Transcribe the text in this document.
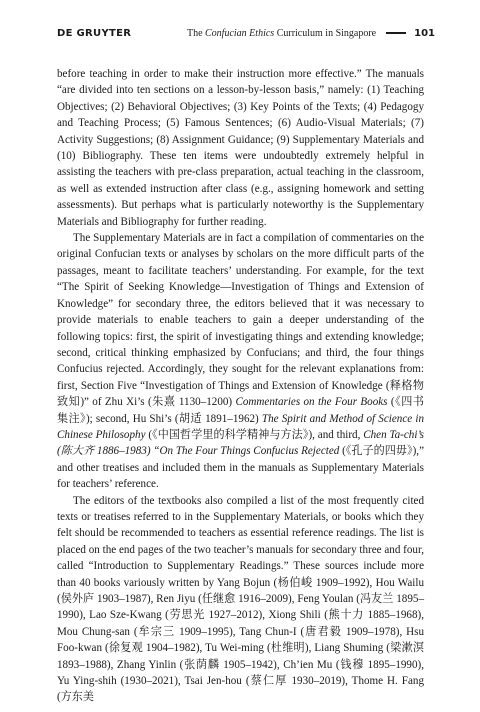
DE GRUYTER	The Confucian Ethics Curriculum in Singapore	101

before teaching in order to make their instruction more effective.” The manuals “are divided into ten sections on a lesson-by-lesson basis,” namely: (1) Teaching Objectives; (2) Behavioral Objectives; (3) Key Points of the Texts; (4) Pedagogy and Teaching Process; (5) Famous Sentences; (6) Audio-Visual Materials; (7) Activity Suggestions; (8) Assignment Guidance; (9) Supplementary Materials and (10) Bibliography. These ten items were undoubtedly extremely helpful in assisting the teachers with pre-class preparation, actual teaching in the classroom, as well as extended instruction after class (e.g., assigning homework and setting assessments). But perhaps what is particularly noteworthy is the Supplementary Materials and Bibliography for further reading.

The Supplementary Materials are in fact a compilation of commentaries on the original Confucian texts or analyses by scholars on the more difficult parts of the passages, meant to facilitate teachers’ understanding. For example, for the text “The Spirit of Seeking Knowledge—Investigation of Things and Extension of Knowledge” for secondary three, the editors believed that it was necessary to provide materials to enable teachers to gain a deeper understanding of the following topics: first, the spirit of investigating things and extending knowledge; second, critical thinking emphasized by Confucians; and third, the four things Confucius rejected. Accordingly, they sought for the relevant explanations from: first, Section Five “Investigation of Things and Extension of Knowledge (释格物致知)” of Zhu Xi’s (朱熹 1130–1200) Commentaries on the Four Books (《四书集注》); second, Hu Shi’s (胡适 1891–1962) The Spirit and Method of Science in Chinese Philosophy (《中国哲学里的科学精神与方法》), and third, Chen Ta-chi’s (陈大齐 1886–1983) “On The Four Things Confucius Rejected (《孔子的四毋》),” and other treatises and included them in the manuals as Supplementary Materials for teachers’ reference.

The editors of the textbooks also compiled a list of the most frequently cited texts or treatises referred to in the Supplementary Materials, or books which they felt should be recommended to teachers as essential reference readings. The list is placed on the end pages of the two teacher’s manuals for secondary three and four, called “Introduction to Supplementary Readings.” These sources include more than 40 books variously written by Yang Bojun (杨伯峻 1909–1992), Hou Wailu (侯外庐 1903–1987), Ren Jiyu (任继愈 1916–2009), Feng Youlan (冯友兰 1895–1990), Lao Sze-Kwang (劳思光 1927–2012), Xiong Shili (熊十力 1885–1968), Mou Chung-san (牟宗三 1909–1995), Tang Chun-I (唐君毅 1909–1978), Hsu Foo-kwan (徐复观 1904–1982), Tu Wei-ming (杜维明), Liang Shuming (梁漱溟 1893–1988), Zhang Yinlin (张荫麟 1905–1942), Ch’ien Mu (钱穆 1895–1990), Yu Ying-shih (1930–2021), Tsai Jen-hou (蔡仁厚 1930–2019), Thome H. Fang (方东美
